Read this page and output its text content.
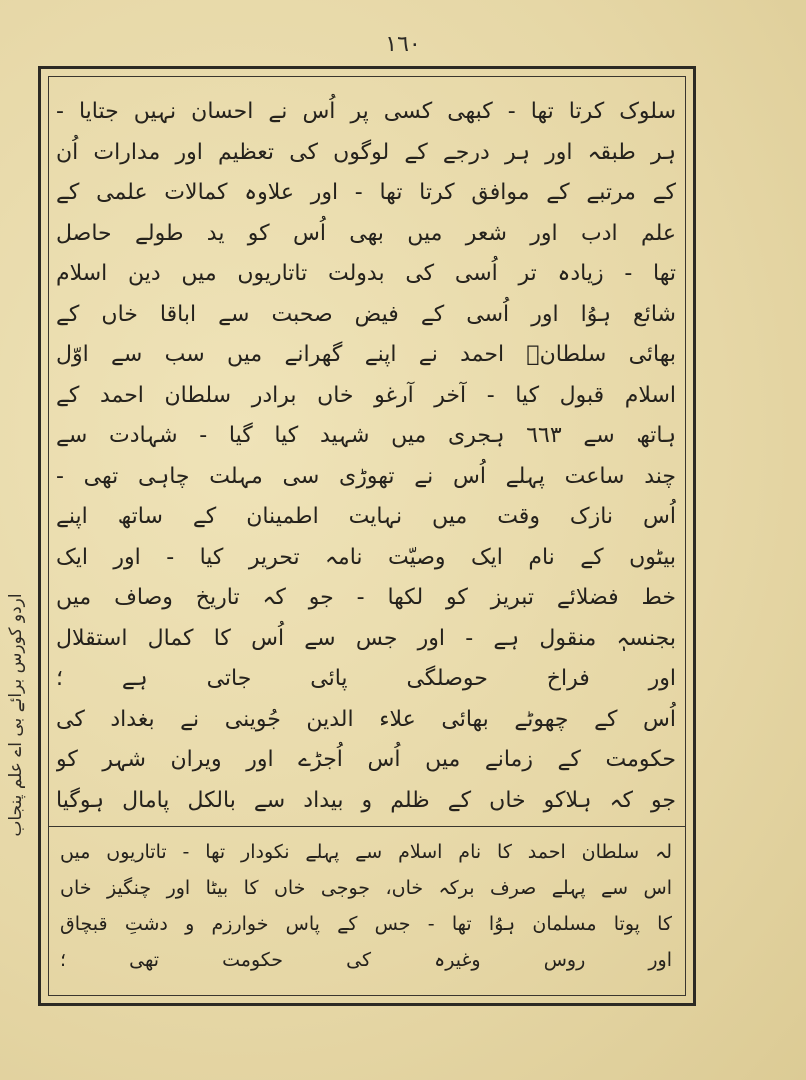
١٦٠
سلوک کرتا تھا - کبھی کسی پر اُس نے احسان نہیں جتایا -
ہر طبقہ اور ہر درجے کے لوگوں کی تعظیم اور مدارات اُن
کے مرتبے کے موافق کرتا تھا - اور علاوہ کمالات علمی کے
علم ادب اور شعر میں بھی اُس کو ید طولے حاصل
تھا - زیادہ تر اُسی کی بدولت تاتاریوں میں دین اسلام
شائع ہوُا اور اُسی کے فیض صحبت سے اباقا خاں کے
بھائی سلطانؒ احمد نے اپنے گھرانے میں سب سے اوّل
اسلام قبول کیا - آخر آرغو خاں برادر سلطان احمد کے
ہاتھ سے ٦٦٣ ہجری میں شہید کیا گیا - شہادت سے
چند ساعت پہلے اُس نے تھوڑی سی مہلت چاہی تھی -
اُس نازک وقت میں نہایت اطمینان کے ساتھ اپنے
بیٹوں کے نام ایک وصیّت نامہ تحریر کیا - اور ایک
خط فضلائے تبریز کو لکھا - جو کہ تاریخ وصاف میں
بجنسہٖ منقول ہے - اور جس سے اُس کا کمال استقلال
اور فراخ حوصلگی پائی جاتی ہے ؛
اُس کے چھوٹے بھائی علاء الدین جُوینی نے بغداد کی
حکومت کے زمانے میں اُس اُجڑے اور ویران شہر کو
جو کہ ہلاکو خاں کے ظلم و بیداد سے بالکل پامال ہوگیا
لہ سلطان احمد کا نام اسلام سے پہلے نکودار تھا - تاتاریوں میں
اس سے پہلے صرف برکہ خاں، جوجی خاں کا بیٹا اور چنگیز خاں
کا پوتا مسلمان ہوُا تھا - جس کے پاس خوارزم و دشتِ قبچاق
اور روس وغیرہ کی حکومت تھی ؛
اردو کورس برائے بی اے علم پنجاب
